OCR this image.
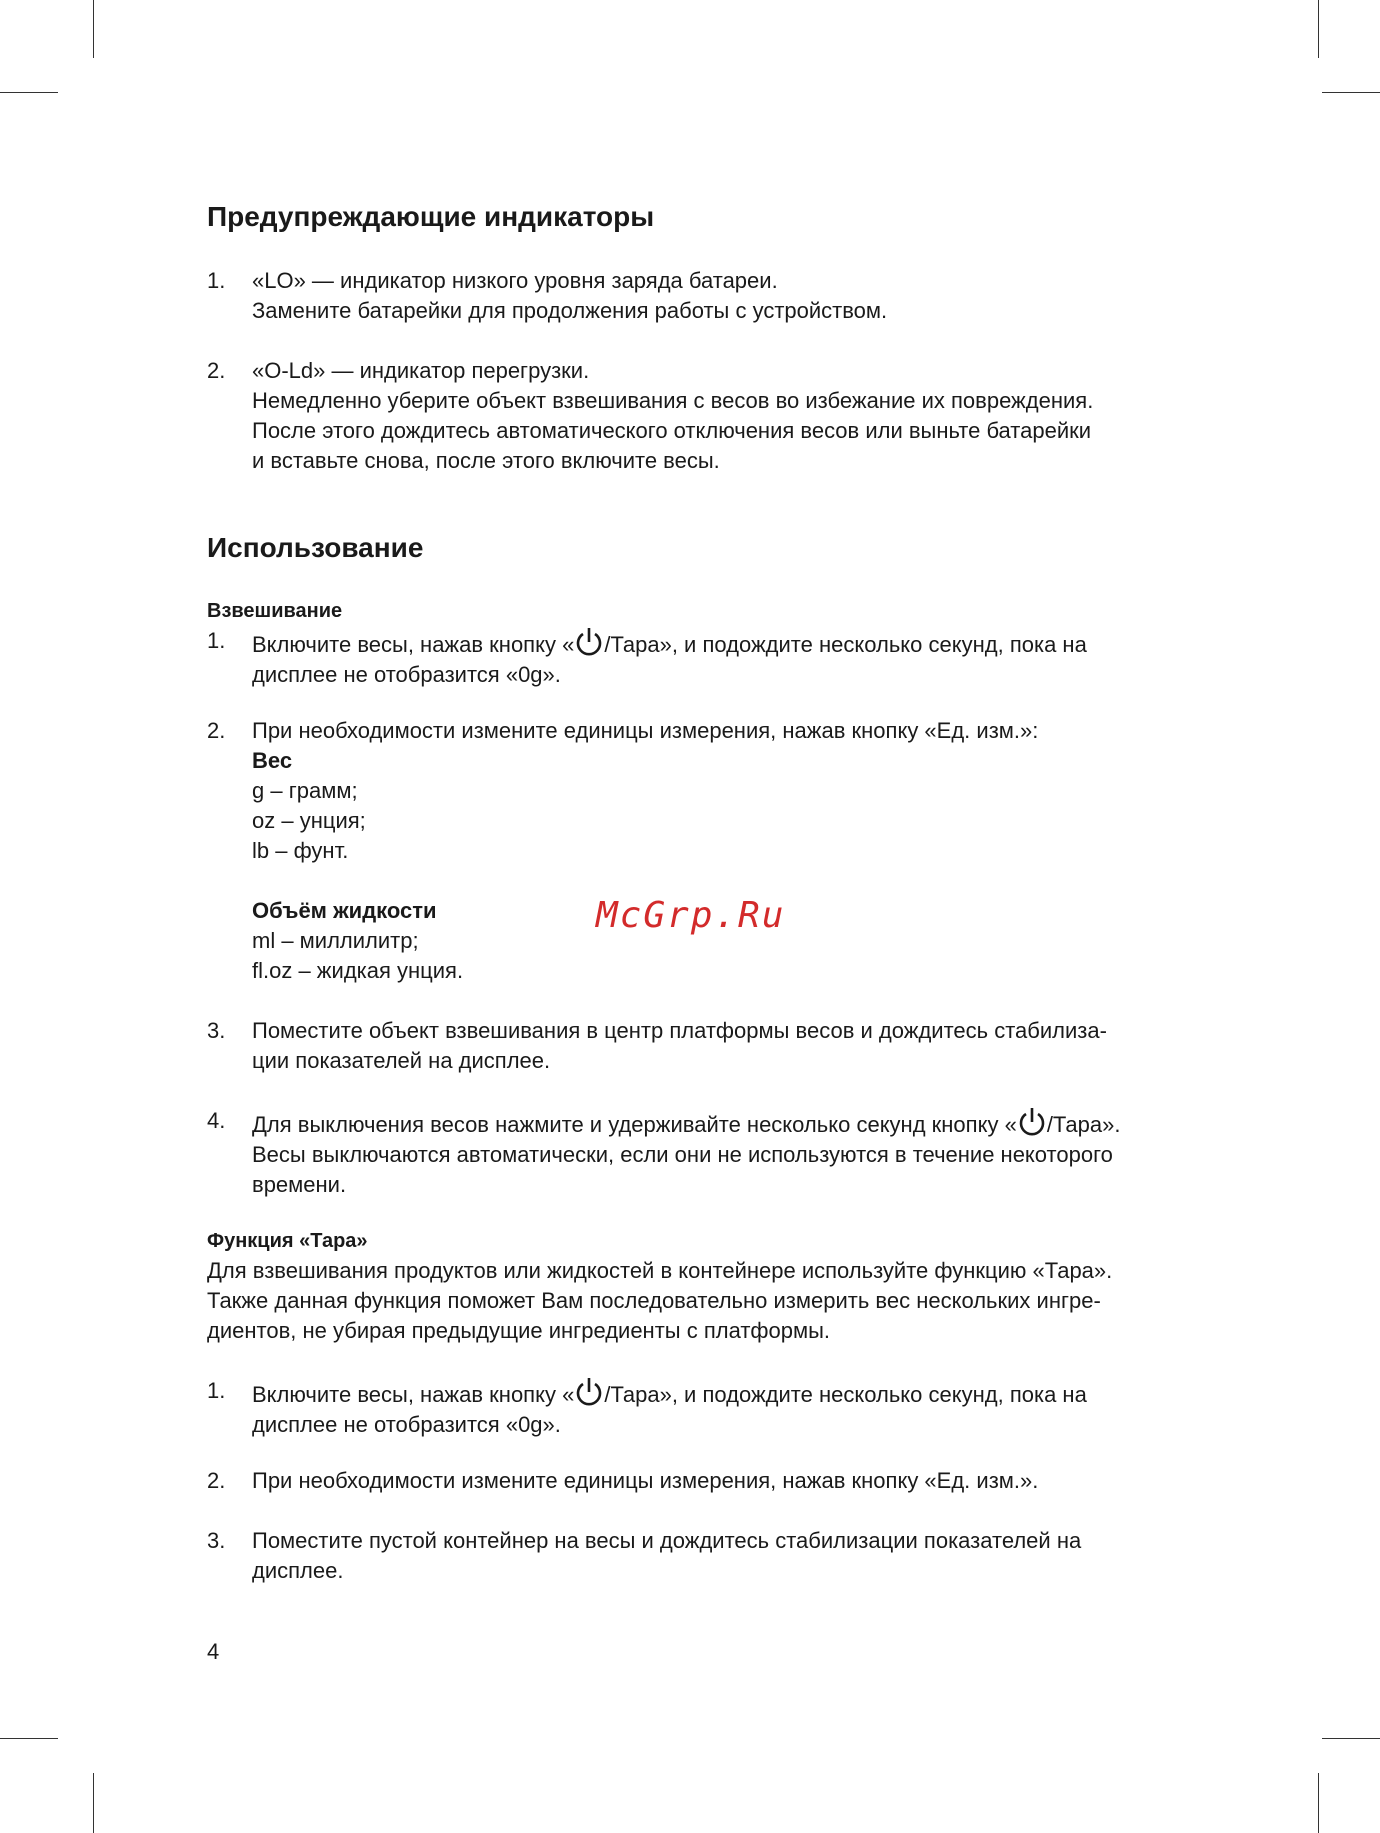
Предупреждающие индикаторы
1.	«LO» — индикатор низкого уровня заряда батареи.

Замените батарейки для продолжения работы с устройством.

2.	«O-Ld» — индикатор перегрузки.

Немедленно уберите объект взвешивания с весов во избежание их повреждения.

После этого дождитесь автоматического отключения весов или выньте батарейки

и вставьте снова, после этого включите весы.

Использование
Взвешивание
1.	Включите весы, нажав кнопку « /Тара», и подождите несколько секунд, пока на

дисплее не отобразится «0g».

2.	При необходимости измените единицы измерения, нажав кнопку «Ед. изм.»:

Вес

g – грамм;

oz – унция;

lb – фунт.

Объём жидкости

ml – миллилитр;

fl.oz – жидкая унция.

3.	Поместите объект взвешивания в центр платформы весов и дождитесь стабилиза-

ции показателей на дисплее.

4.	Для выключения весов нажмите и удерживайте несколько секунд кнопку « /Тара».

Весы выключаются автоматически, если они не используются в течение некоторого

времени.

Функция «Тара»

Для взвешивания продуктов или жидкостей в контейнере используйте функцию «Тара».

Также данная функция поможет Вам последовательно измерить вес нескольких ингре-

диентов, не убирая предыдущие ингредиенты с платформы.

1.	Включите весы, нажав кнопку « /Тара», и подождите несколько секунд, пока на

дисплее не отобразится «0g».

2.	При необходимости измените единицы измерения, нажав кнопку «Ед. изм.».

3.	Поместите пустой контейнер на весы и дождитесь стабилизации показателей на

дисплее.

McGrp.Ru
4
